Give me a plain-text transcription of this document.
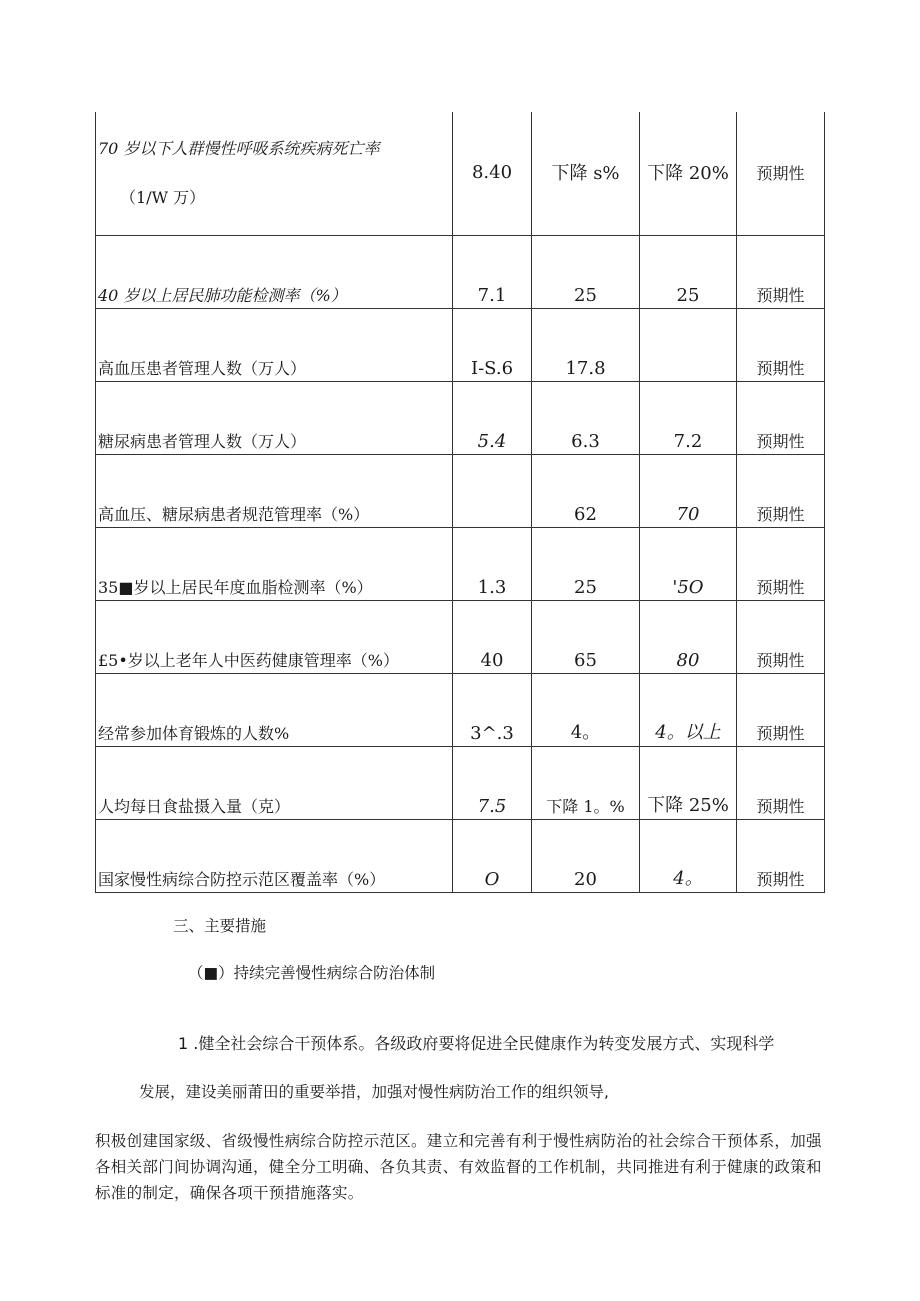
70 岁以下人群慢性呼吸系统疾病死亡率
（1/W 万）	8.40	下降 s%	下降 20%	预期性
40 岁以上居民肺功能检测率（%）	7.1	25	25	预期性
高血压患者管理人数（万人）	I-S.6	17.8		预期性
糖尿病患者管理人数（万人）	5.4	6.3	7.2	预期性
高血压、糖尿病患者规范管理率（%）		62	70	预期性
35■岁以上居民年度血脂检测率（%）	1.3	25	'5O	预期性
£5•岁以上老年人中医药健康管理率（%）	40	65	80	预期性
经常参加体育锻炼的人数%	3^.3	4。	4。以上	预期性
人均每日食盐摄入量（克）	7.5	下降 1。%	下降 25%	预期性
国家慢性病综合防控示范区覆盖率（%）	O	20	4。	预期性
三、主要措施
（■）持续完善慢性病综合防治体制
1 .健全社会综合干预体系。各级政府要将促进全民健康作为转变发展方式、实现科学
发展，建设美丽莆田的重要举措，加强对慢性病防治工作的组织领导,
积极创建国家级、省级慢性病综合防控示范区。建立和完善有利于慢性病防治的社会综合干预体系，加强各相关部门间协调沟通，健全分工明确、各负其责、有效监督的工作机制，共同推进有利于健康的政策和标准的制定，确保各项干预措施落实。
